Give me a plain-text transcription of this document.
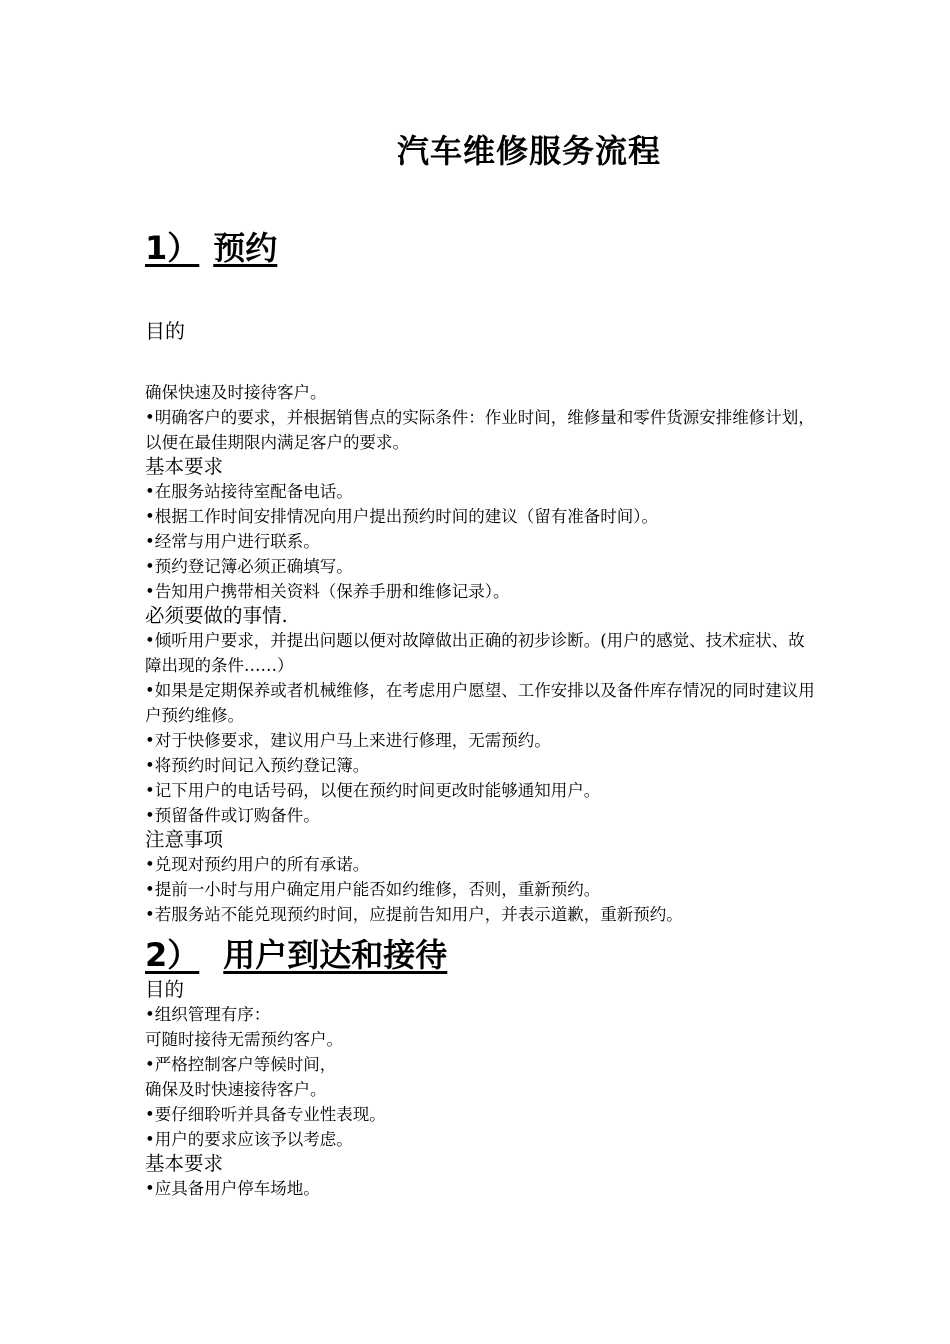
汽车维修服务流程
1） 预约
目的
确保快速及时接待客户。
•明确客户的要求，并根据销售点的实际条件：作业时间，维修量和零件货源安排维修计划，以便在最佳期限内满足客户的要求。
基本要求
•在服务站接待室配备电话。
•根据工作时间安排情况向用户提出预约时间的建议（留有准备时间）。
•经常与用户进行联系。
•预约登记簿必须正确填写。
•告知用户携带相关资料（保养手册和维修记录）。
必须要做的事情.
•倾听用户要求，并提出问题以便对故障做出正确的初步诊断。(用户的感觉、技术症状、故障出现的条件……）
•如果是定期保养或者机械维修，在考虑用户愿望、工作安排以及备件库存情况的同时建议用户预约维修。
•对于快修要求，建议用户马上来进行修理，无需预约。
•将预约时间记入预约登记簿。
•记下用户的电话号码，以便在预约时间更改时能够通知用户。
•预留备件或订购备件。
注意事项
•兑现对预约用户的所有承诺。
•提前一小时与用户确定用户能否如约维修，否则，重新预约。
•若服务站不能兑现预约时间，应提前告知用户，并表示道歉，重新预约。
2） 用户到达和接待
目的
•组织管理有序：
可随时接待无需预约客户。
•严格控制客户等候时间，
确保及时快速接待客户。
•要仔细聆听并具备专业性表现。
•用户的要求应该予以考虑。
基本要求
•应具备用户停车场地。
